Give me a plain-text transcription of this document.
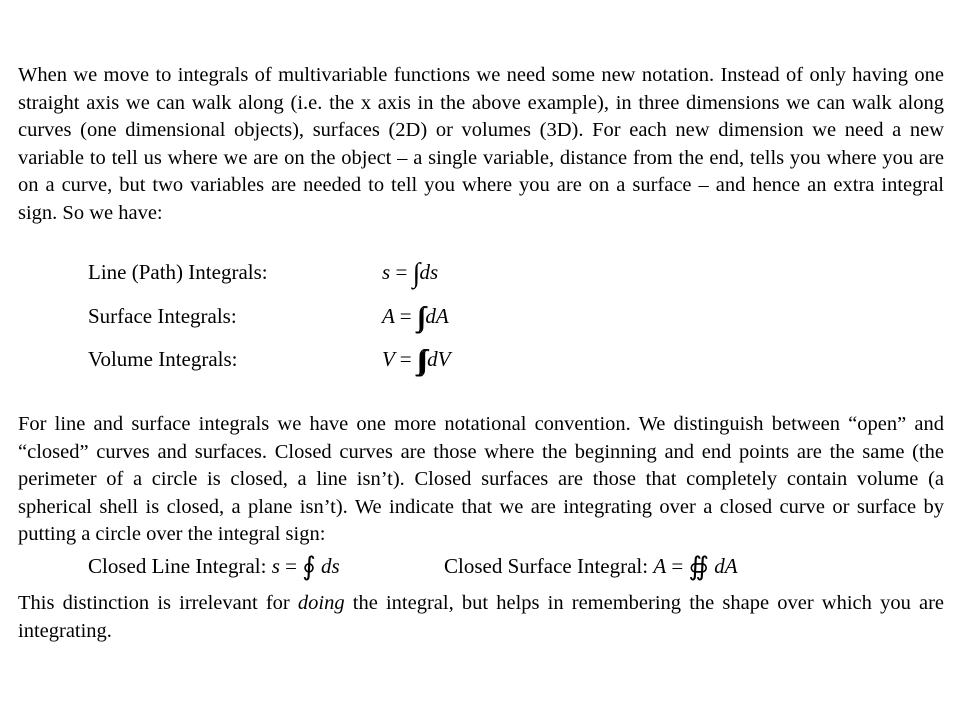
When we move to integrals of multivariable functions we need some new notation. Instead of only having one straight axis we can walk along (i.e. the x axis in the above example), in three dimensions we can walk along curves (one dimensional objects), surfaces (2D) or volumes (3D). For each new dimension we need a new variable to tell us where we are on the object – a single variable, distance from the end, tells you where you are on a curve, but two variables are needed to tell you where you are on a surface – and hence an extra integral sign. So we have:

Line (Path) Integrals:	s = ∫ ds
Surface Integrals:	A = ∫∫ dA
Volume Integrals:	V = ∫∫∫ dV

For line and surface integrals we have one more notational convention. We distinguish between “open” and “closed” curves and surfaces. Closed curves are those where the beginning and end points are the same (the perimeter of a circle is closed, a line isn’t). Closed surfaces are those that completely contain volume (a spherical shell is closed, a plane isn’t). We indicate that we are integrating over a closed curve or surface by putting a circle over the integral sign:

Closed Line Integral: s = ∮ ds	Closed Surface Integral: A = ∯ dA

This distinction is irrelevant for doing the integral, but helps in remembering the shape over which you are integrating.
